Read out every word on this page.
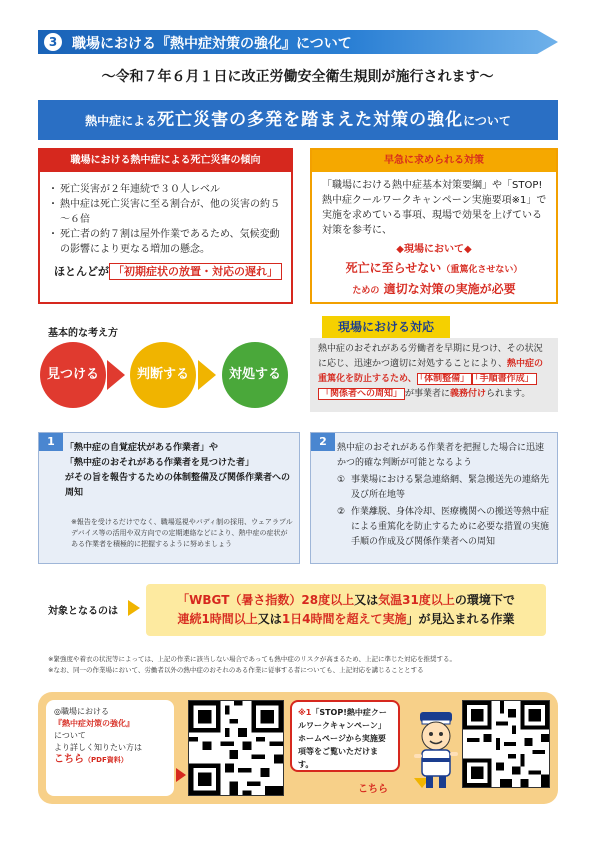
3	職場における『熱中症対策の強化』について
～令和７年６月１日に改正労働安全衛生規則が施行されます～
熱中症による死亡災害の多発を踏まえた対策の強化について
職場における熱中症による死亡災害の傾向
・ 死亡災害が２年連続で３０人レベル
・ 熱中症は死亡災害に至る割合が、他の災害の約５～６倍
・ 死亡者の約７割は屋外作業であるため、気候変動の影響により更なる増加の懸念。
ほとんどが 「初期症状の放置・対応の遅れ」
早急に求められる対策
「職場における熱中症基本対策要綱」や「STOP! 熱中症クールワークキャンペーン実施要項※1」で実施を求めている事項、現場で効果を上げている対策を参考に、
◆現場において◆
死亡に至らせない（重篤化させない）
ための 適切な対策の実施が必要
基本的な考え方
見つける	判断する	対処する
現場における対応
熱中症のおそれがある労働者を早期に見つけ、その状況に応じ、迅速かつ適切に対処することにより、熱中症の重篤化を防止するため、 「体制整備」 「手順書作成」「関係者への周知」 が事業者に義務付けられます。
1	「熱中症の自覚症状がある作業者」や
「熱中症のおそれがある作業者を見つけた者」
がその旨を報告するための体制整備及び関係作業者への周知
※報告を受けるだけでなく、職場巡視やバディ制の採用、ウェアラブルデバイス等の活用や双方向での定期連絡などにより、熱中症の症状がある作業者を積極的に把握するように努めましょう
2	熱中症のおそれがある作業者を把握した場合に迅速かつ的確な判断が可能となるよう
① 事業場における緊急連絡網、緊急搬送先の連絡先及び所在地等
② 作業離脱、身体冷却、医療機関への搬送等熱中症による重篤化を防止するために必要な措置の実施手順の作成及び関係作業者への周知
対象となるのは
「WBGT（暑さ指数）28度以上又は気温31度以上の環境下で
連続1時間以上又は1日4時間を超えて実施」が見込まれる作業
※緊強度や着衣の状況等によっては、上記の作業に該当しない場合であっても熱中症のリスクが高まるため、上記に準じた対応を推奨する。
※なお、同一の作業場において、労働者以外の熱中症のおそれのある作業に従事する者についても、上記対応を講じることとする
◎職場における
『熱中症対策の強化』
について
より詳しく知りたい方は
こちら（PDF資料）
※1「STOP!熱中症クールワークキャンペーン」
ホームページから実施要項等をご覧いただけます。
こちら
